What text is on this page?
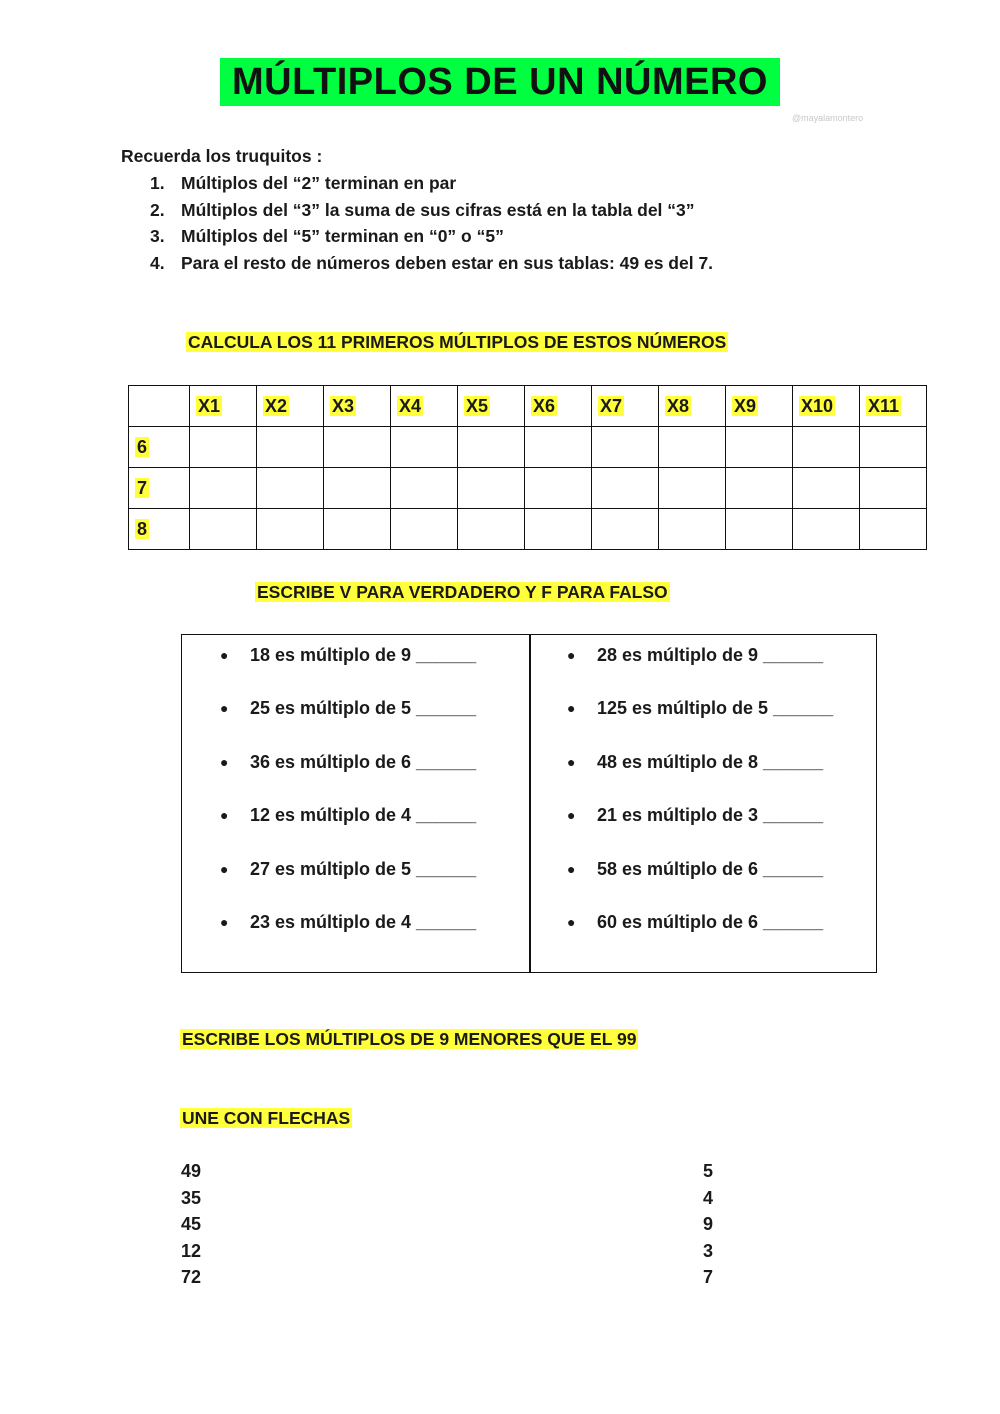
MÚLTIPLOS DE UN NÚMERO
@mayalamontero
Recuerda los truquitos :
1. Múltiplos del “2” terminan en par
2. Múltiplos del “3” la suma de sus cifras está en la tabla del “3”
3. Múltiplos del “5” terminan en “0” o “5”
4. Para el resto de números deben estar en sus tablas: 49 es del 7.
CALCULA LOS 11 PRIMEROS MÚLTIPLOS DE ESTOS NÚMEROS
	X1	X2	X3	X4	X5	X6	X7	X8	X9	X10	X11
6											
7											
8											
ESCRIBE V PARA VERDADERO Y F PARA FALSO
● 18 es múltiplo de 9 ______
● 25 es múltiplo de 5 ______
● 36 es múltiplo de 6 ______
● 12 es múltiplo de 4 ______
● 27 es múltiplo de 5 ______
● 23 es múltiplo de 4 ______
● 28 es múltiplo de 9 ______
● 125 es múltiplo de 5 ______
● 48 es múltiplo de 8 ______
● 21 es múltiplo de 3 ______
● 58 es múltiplo de 6 ______
● 60 es múltiplo de 6 ______
ESCRIBE LOS MÚLTIPLOS DE 9 MENORES QUE EL 99
UNE CON FLECHAS
49
35
45
12
72
5
4
9
3
7
